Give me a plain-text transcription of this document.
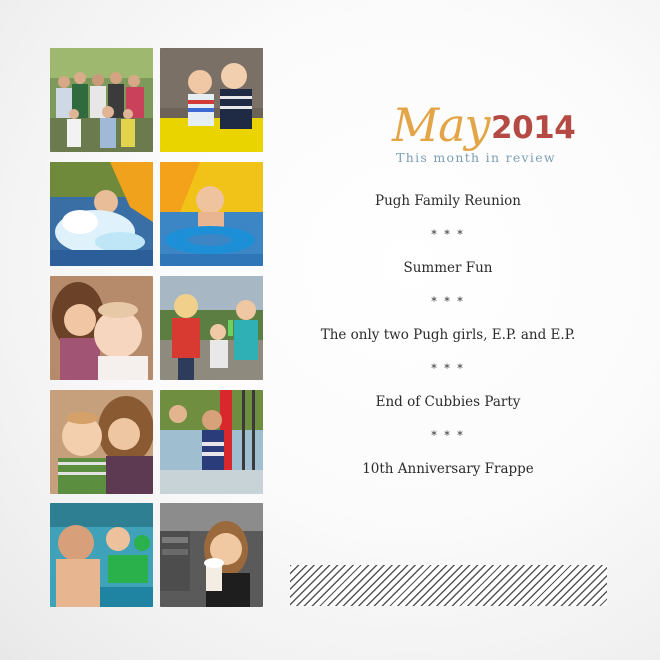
May 2014
This month in review
Pugh Family Reunion
* * *
Summer Fun
* * *
The only two Pugh girls, E.P. and E.P.
* * *
End of Cubbies Party
* * *
10th Anniversary Frappe
